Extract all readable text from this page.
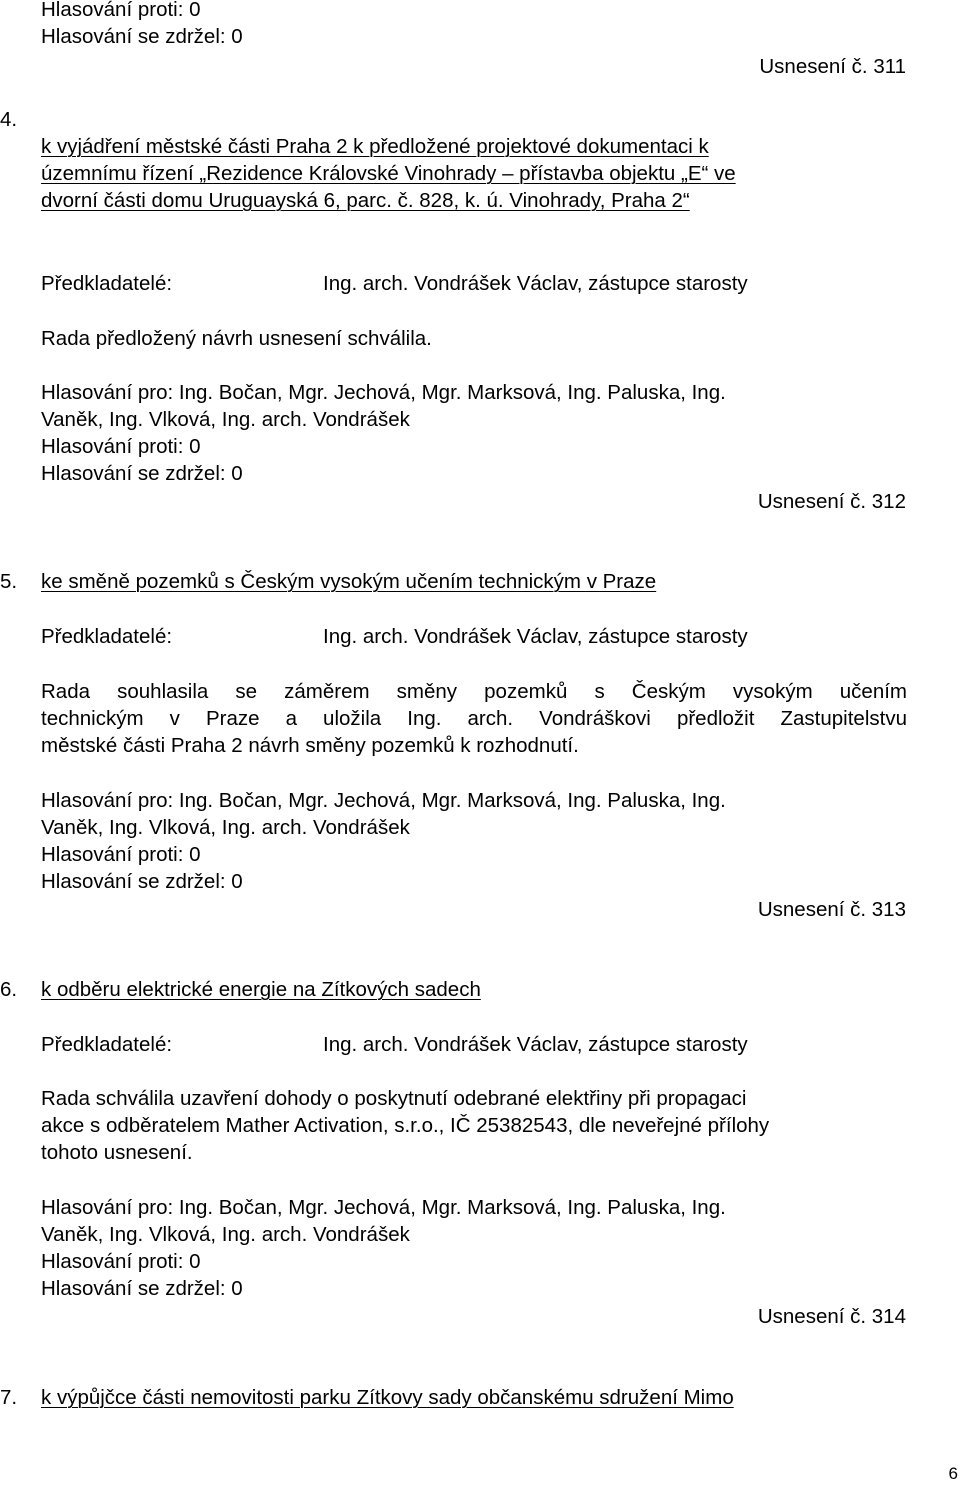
Hlasování proti: 0
Hlasování se zdržel: 0
Usnesení č. 311
4.
k vyjádření městské části Praha 2 k předložené projektové dokumentaci k
územnímu řízení „Rezidence Královské Vinohrady – přístavba objektu „E“ ve
dvorní části domu Uruguayská 6, parc. č. 828, k. ú. Vinohrady, Praha 2“
Předkladatelé:	Ing. arch. Vondrášek Václav, zástupce starosty
Rada předložený návrh usnesení schválila.
Hlasování pro: Ing. Bočan, Mgr. Jechová, Mgr. Marksová, Ing. Paluska, Ing.
Vaněk, Ing. Vlková, Ing. arch. Vondrášek
Hlasování proti: 0
Hlasování se zdržel: 0
Usnesení č. 312
5. ke směně pozemků s Českým vysokým učením technickým v Praze
Předkladatelé:	Ing. arch. Vondrášek Václav, zástupce starosty
Rada souhlasila se záměrem směny pozemků s Českým vysokým učením
technickým v Praze a uložila Ing. arch. Vondráškovi předložit Zastupitelstvu
městské části Praha 2 návrh směny pozemků k rozhodnutí.
Hlasování pro: Ing. Bočan, Mgr. Jechová, Mgr. Marksová, Ing. Paluska, Ing.
Vaněk, Ing. Vlková, Ing. arch. Vondrášek
Hlasování proti: 0
Hlasování se zdržel: 0
Usnesení č. 313
6. k odběru elektrické energie na Zítkových sadech
Předkladatelé:	Ing. arch. Vondrášek Václav, zástupce starosty
Rada schválila uzavření dohody o poskytnutí odebrané elektřiny při propagaci
akce s odběratelem Mather Activation, s.r.o., IČ 25382543, dle neveřejné přílohy
tohoto usnesení.
Hlasování pro: Ing. Bočan, Mgr. Jechová, Mgr. Marksová, Ing. Paluska, Ing.
Vaněk, Ing. Vlková, Ing. arch. Vondrášek
Hlasování proti: 0
Hlasování se zdržel: 0
Usnesení č. 314
7. k výpůjčce části nemovitosti parku Zítkovy sady občanskému sdružení Mimo
6
